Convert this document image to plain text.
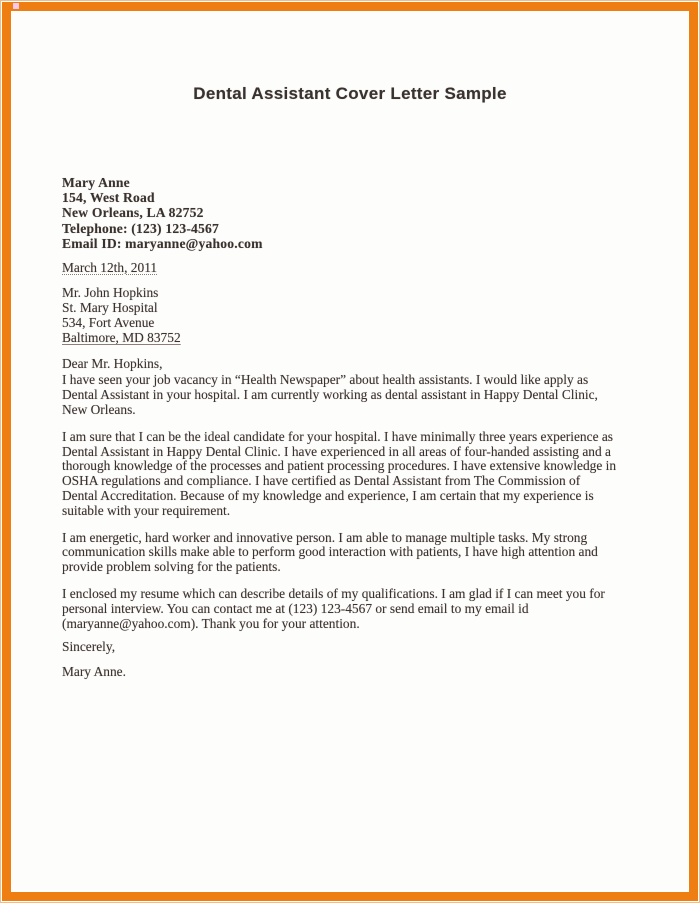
Dental Assistant Cover Letter Sample
Mary Anne
154, West Road
New Orleans, LA 82752
Telephone: (123) 123-4567
Email ID: maryanne@yahoo.com
March 12th, 2011
Mr. John Hopkins
St. Mary Hospital
534, Fort Avenue
Baltimore, MD 83752
Dear Mr. Hopkins,
I have seen your job vacancy in “Health Newspaper” about health assistants. I would like apply as
Dental Assistant in your hospital. I am currently working as dental assistant in Happy Dental Clinic,
New Orleans.
I am sure that I can be the ideal candidate for your hospital. I have minimally three years experience as
Dental Assistant in Happy Dental Clinic. I have experienced in all areas of four-handed assisting and a
thorough knowledge of the processes and patient processing procedures. I have extensive knowledge in
OSHA regulations and compliance. I have certified as Dental Assistant from The Commission of
Dental Accreditation. Because of my knowledge and experience, I am certain that my experience is
suitable with your requirement.
I am energetic, hard worker and innovative person. I am able to manage multiple tasks. My strong
communication skills make able to perform good interaction with patients, I have high attention and
provide problem solving for the patients.
I enclosed my resume which can describe details of my qualifications. I am glad if I can meet you for
personal interview. You can contact me at (123) 123-4567 or send email to my email id
(maryanne@yahoo.com). Thank you for your attention.
Sincerely,
Mary Anne.
